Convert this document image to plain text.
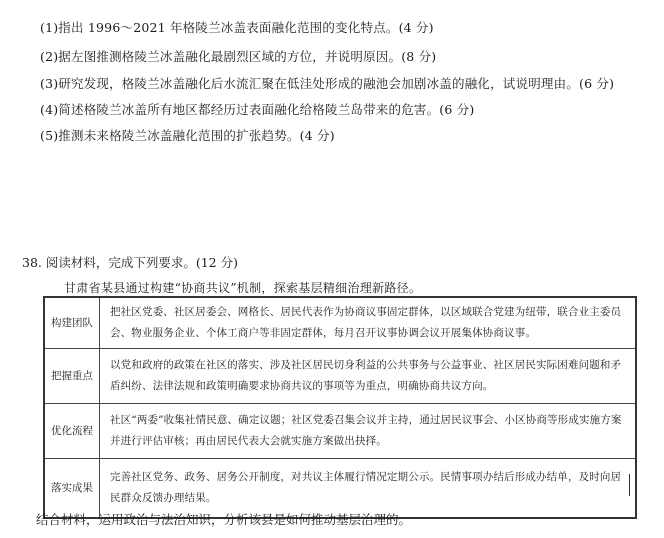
(1)指出 1996～2021 年格陵兰冰盖表面融化范围的变化特点。(4 分)
(2)据左图推测格陵兰冰盖融化最剧烈区域的方位，并说明原因。(8 分)
(3)研究发现，格陵兰冰盖融化后水流汇聚在低洼处形成的融池会加剧冰盖的融化，试说明理由。(6 分)
(4)简述格陵兰冰盖所有地区都经历过表面融化给格陵兰岛带来的危害。(6 分)
(5)推测未来格陵兰冰盖融化范围的扩张趋势。(4 分)
38. 阅读材料，完成下列要求。(12 分)
甘肃省某县通过构建“协商共议”机制，探索基层精细治理新路径。
构建团队	把社区党委、社区居委会、网格长、居民代表作为协商议事固定群体，以区域联合党建为纽带，联合业主委员会、物业服务企业、个体工商户等非固定群体，每月召开议事协调会议开展集体协商议事。
把握重点	以党和政府的政策在社区的落实、涉及社区居民切身利益的公共事务与公益事业、社区居民实际困难问题和矛盾纠纷、法律法规和政策明确要求协商共议的事项等为重点，明确协商共议方向。
优化流程	社区“两委”收集社情民意、确定议题；社区党委召集会议并主持，通过居民议事会、小区协商等形成实施方案并进行评估审核；再由居民代表大会就实施方案做出抉择。
落实成果	完善社区党务、政务、居务公开制度，对共议主体履行情况定期公示。民情事项办结后形成办结单，及时向居民群众反馈办理结果。
结合材料，运用政治与法治知识，分析该县是如何推动基层治理的。
